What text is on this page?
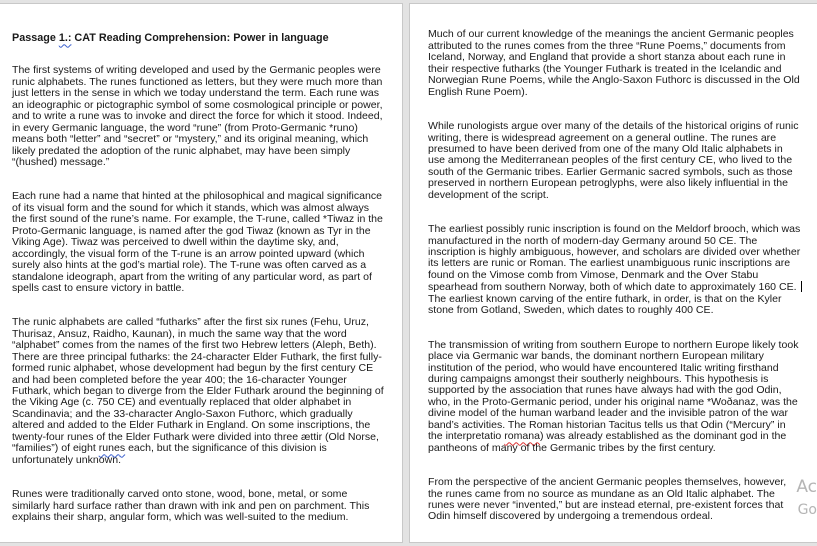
Passage 1.: CAT Reading Comprehension: Power in language

The first systems of writing developed and used by the Germanic peoples were
runic alphabets. The runes functioned as letters, but they were much more than
just letters in the sense in which we today understand the term. Each rune was
an ideographic or pictographic symbol of some cosmological principle or power,
and to write a rune was to invoke and direct the force for which it stood. Indeed,
in every Germanic language, the word “rune” (from Proto-Germanic *runo)
means both “letter” and “secret” or “mystery,” and its original meaning, which
likely predated the adoption of the runic alphabet, may have been simply
“(hushed) message.”

Each rune had a name that hinted at the philosophical and magical significance
of its visual form and the sound for which it stands, which was almost always
the first sound of the rune’s name. For example, the T-rune, called *Tiwaz in the
Proto-Germanic language, is named after the god Tiwaz (known as Tyr in the
Viking Age). Tiwaz was perceived to dwell within the daytime sky, and,
accordingly, the visual form of the T-rune is an arrow pointed upward (which
surely also hints at the god’s martial role). The T-rune was often carved as a
standalone ideograph, apart from the writing of any particular word, as part of
spells cast to ensure victory in battle.

The runic alphabets are called “futharks” after the first six runes (Fehu, Uruz,
Thurisaz, Ansuz, Raidho, Kaunan), in much the same way that the word
“alphabet” comes from the names of the first two Hebrew letters (Aleph, Beth).
There are three principal futharks: the 24-character Elder Futhark, the first fully-
formed runic alphabet, whose development had begun by the first century CE
and had been completed before the year 400; the 16-character Younger
Futhark, which began to diverge from the Elder Futhark around the beginning of
the Viking Age (c. 750 CE) and eventually replaced that older alphabet in
Scandinavia; and the 33-character Anglo-Saxon Futhorc, which gradually
altered and added to the Elder Futhark in England. On some inscriptions, the
twenty-four runes of the Elder Futhark were divided into three ættir (Old Norse,
“families”) of eight runes each, but the significance of this division is
unfortunately unknown.

Runes were traditionally carved onto stone, wood, bone, metal, or some
similarly hard surface rather than drawn with ink and pen on parchment. This
explains their sharp, angular form, which was well-suited to the medium.

Much of our current knowledge of the meanings the ancient Germanic peoples
attributed to the runes comes from the three “Rune Poems,” documents from
Iceland, Norway, and England that provide a short stanza about each rune in
their respective futharks (the Younger Futhark is treated in the Icelandic and
Norwegian Rune Poems, while the Anglo-Saxon Futhorc is discussed in the Old
English Rune Poem).

While runologists argue over many of the details of the historical origins of runic
writing, there is widespread agreement on a general outline. The runes are
presumed to have been derived from one of the many Old Italic alphabets in
use among the Mediterranean peoples of the first century CE, who lived to the
south of the Germanic tribes. Earlier Germanic sacred symbols, such as those
preserved in northern European petroglyphs, were also likely influential in the
development of the script.

The earliest possibly runic inscription is found on the Meldorf brooch, which was
manufactured in the north of modern-day Germany around 50 CE. The
inscription is highly ambiguous, however, and scholars are divided over whether
its letters are runic or Roman. The earliest unambiguous runic inscriptions are
found on the Vimose comb from Vimose, Denmark and the Over Stabu
spearhead from southern Norway, both of which date to approximately 160 CE.
The earliest known carving of the entire futhark, in order, is that on the Kyler
stone from Gotland, Sweden, which dates to roughly 400 CE.

The transmission of writing from southern Europe to northern Europe likely took
place via Germanic war bands, the dominant northern European military
institution of the period, who would have encountered Italic writing firsthand
during campaigns amongst their southerly neighbours. This hypothesis is
supported by the association that runes have always had with the god Odin,
who, in the Proto-Germanic period, under his original name *Woðanaz, was the
divine model of the human warband leader and the invisible patron of the war
band’s activities. The Roman historian Tacitus tells us that Odin (“Mercury” in
the interpretatio romana) was already established as the dominant god in the
pantheons of many of the Germanic tribes by the first century.

From the perspective of the ancient Germanic peoples themselves, however,
the runes came from no source as mundane as an Old Italic alphabet. The
runes were never “invented,” but are instead eternal, pre-existent forces that
Odin himself discovered by undergoing a tremendous ordeal.

Ac
Go
